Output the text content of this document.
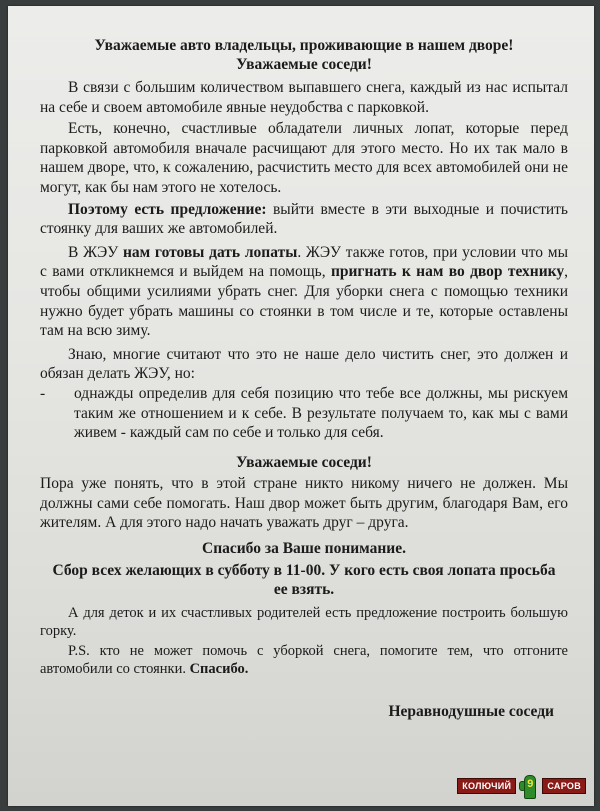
Уважаемые авто владельцы, проживающие в нашем дворе!

Уважаемые соседи!

В связи с большим количеством выпавшего снега, каждый из нас испытал на себе и своем автомобиле явные неудобства с парковкой.

Есть, конечно, счастливые обладатели личных лопат, которые перед парковкой автомобиля вначале расчищают для этого место. Но их так мало в нашем дворе, что, к сожалению, расчистить место для всех автомобилей они не могут, как бы нам этого не хотелось.

Поэтому есть предложение: выйти вместе в эти выходные и почистить стоянку для ваших же автомобилей.

В ЖЭУ нам готовы дать лопаты. ЖЭУ также готов, при условии что мы с вами откликнемся и выйдем на помощь, пригнать к нам во двор технику, чтобы общими усилиями убрать снег. Для уборки снега с помощью техники нужно будет убрать машины со стоянки в том числе и те, которые оставлены там на всю зиму.

Знаю, многие считают что это не наше дело чистить снег, это должен и обязан делать ЖЭУ, но:

- однажды определив для себя позицию что тебе все должны, мы рискуем таким же отношением и к себе. В результате получаем то, как мы с вами живем - каждый сам по себе и только для себя.

Уважаемые соседи!

Пора уже понять, что в этой стране никто никому ничего не должен. Мы должны сами себе помогать. Наш двор может быть другим, благодаря Вам, его жителям. А для этого надо начать уважать друг – друга.

Спасибо за Ваше понимание.

Сбор всех желающих в субботу в 11-00. У кого есть своя лопата просьба ее взять.

А для деток и их счастливых родителей есть предложение построить большую горку.

P.S. кто не может помочь с уборкой снега, помогите тем, что отгоните автомобили со стоянки. Спасибо.

Неравнодушные соседи

КОЛЮЧИЙ	9	САРОВ
